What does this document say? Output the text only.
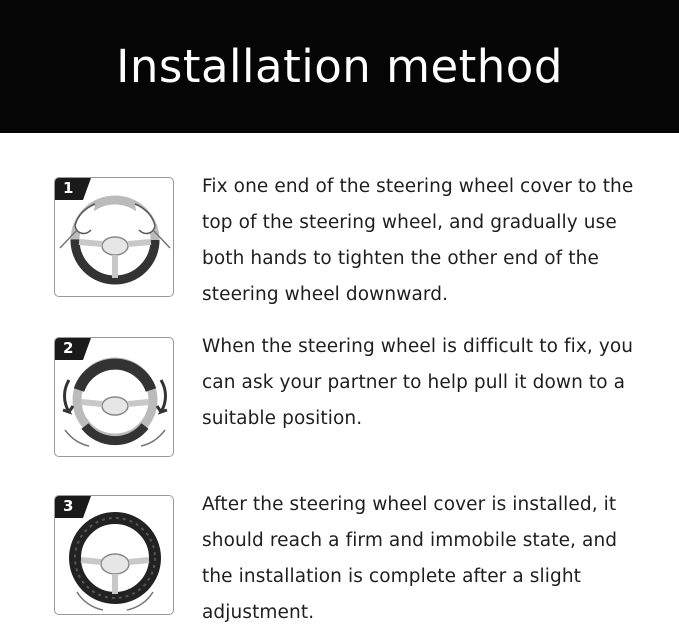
Installation method
1	Fix one end of the steering wheel cover to the top of the steering wheel, and gradually use both hands to tighten the other end of the steering wheel downward.
2	When the steering wheel is difficult to fix, you can ask your partner to help pull it down to a suitable position.
3	After the steering wheel cover is installed, it should reach a firm and immobile state, and the installation is complete after a slight adjustment.
